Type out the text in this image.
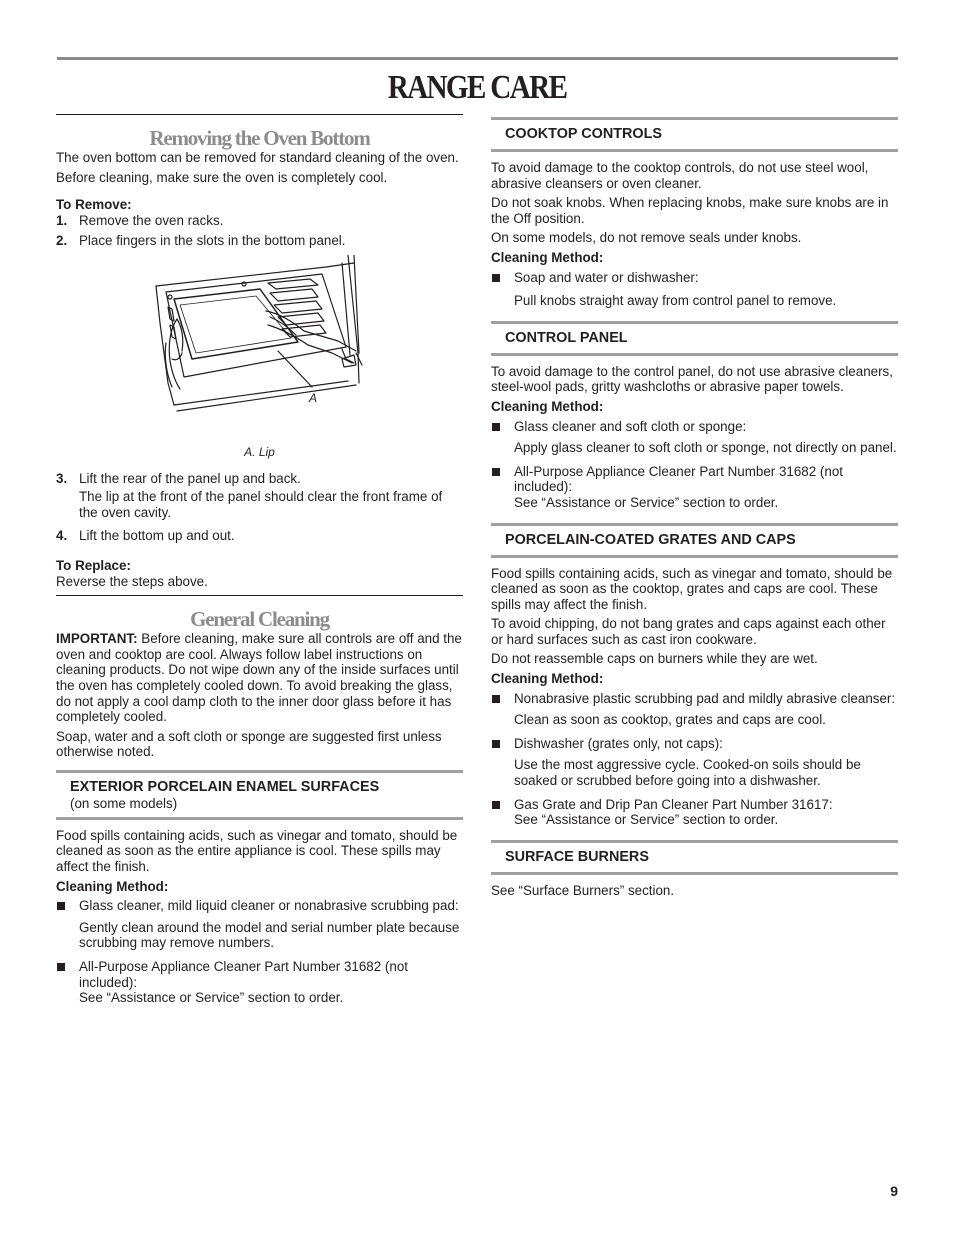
RANGE CARE
Removing the Oven Bottom

The oven bottom can be removed for standard cleaning of the oven.

Before cleaning, make sure the oven is completely cool.

To Remove:

1. Remove the oven racks.
2. Place fingers in the slots in the bottom panel.
A

A. Lip

3. Lift the rear of the panel up and back.

The lip at the front of the panel should clear the front frame of the oven cavity.

4. Lift the bottom up and out.

To Replace:

Reverse the steps above.

General Cleaning

IMPORTANT: Before cleaning, make sure all controls are off and the oven and cooktop are cool. Always follow label instructions on cleaning products. Do not wipe down any of the inside surfaces until the oven has completely cooled down. To avoid breaking the glass, do not apply a cool damp cloth to the inner door glass before it has completely cooled.

Soap, water and a soft cloth or sponge are suggested first unless otherwise noted.

EXTERIOR PORCELAIN ENAMEL SURFACES
(on some models)

Food spills containing acids, such as vinegar and tomato, should be cleaned as soon as the entire appliance is cool. These spills may affect the finish.

Cleaning Method:

Glass cleaner, mild liquid cleaner or nonabrasive scrubbing pad:

Gently clean around the model and serial number plate because scrubbing may remove numbers.

All-Purpose Appliance Cleaner Part Number 31682 (not included):
See “Assistance or Service” section to order.
COOKTOP CONTROLS

To avoid damage to the cooktop controls, do not use steel wool, abrasive cleansers or oven cleaner.

Do not soak knobs. When replacing knobs, make sure knobs are in the Off position.

On some models, do not remove seals under knobs.

Cleaning Method:

Soap and water or dishwasher:

Pull knobs straight away from control panel to remove.

CONTROL PANEL

To avoid damage to the control panel, do not use abrasive cleaners, steel-wool pads, gritty washcloths or abrasive paper towels.

Cleaning Method:

Glass cleaner and soft cloth or sponge:

Apply glass cleaner to soft cloth or sponge, not directly on panel.

All-Purpose Appliance Cleaner Part Number 31682 (not included):
See “Assistance or Service” section to order.
PORCELAIN-COATED GRATES AND CAPS

Food spills containing acids, such as vinegar and tomato, should be cleaned as soon as the cooktop, grates and caps are cool. These spills may affect the finish.

To avoid chipping, do not bang grates and caps against each other or hard surfaces such as cast iron cookware.

Do not reassemble caps on burners while they are wet.

Cleaning Method:

Nonabrasive plastic scrubbing pad and mildly abrasive cleanser:

Clean as soon as cooktop, grates and caps are cool.

Dishwasher (grates only, not caps):

Use the most aggressive cycle. Cooked-on soils should be soaked or scrubbed before going into a dishwasher.

Gas Grate and Drip Pan Cleaner Part Number 31617:
See “Assistance or Service” section to order.
SURFACE BURNERS

See “Surface Burners” section.

9
